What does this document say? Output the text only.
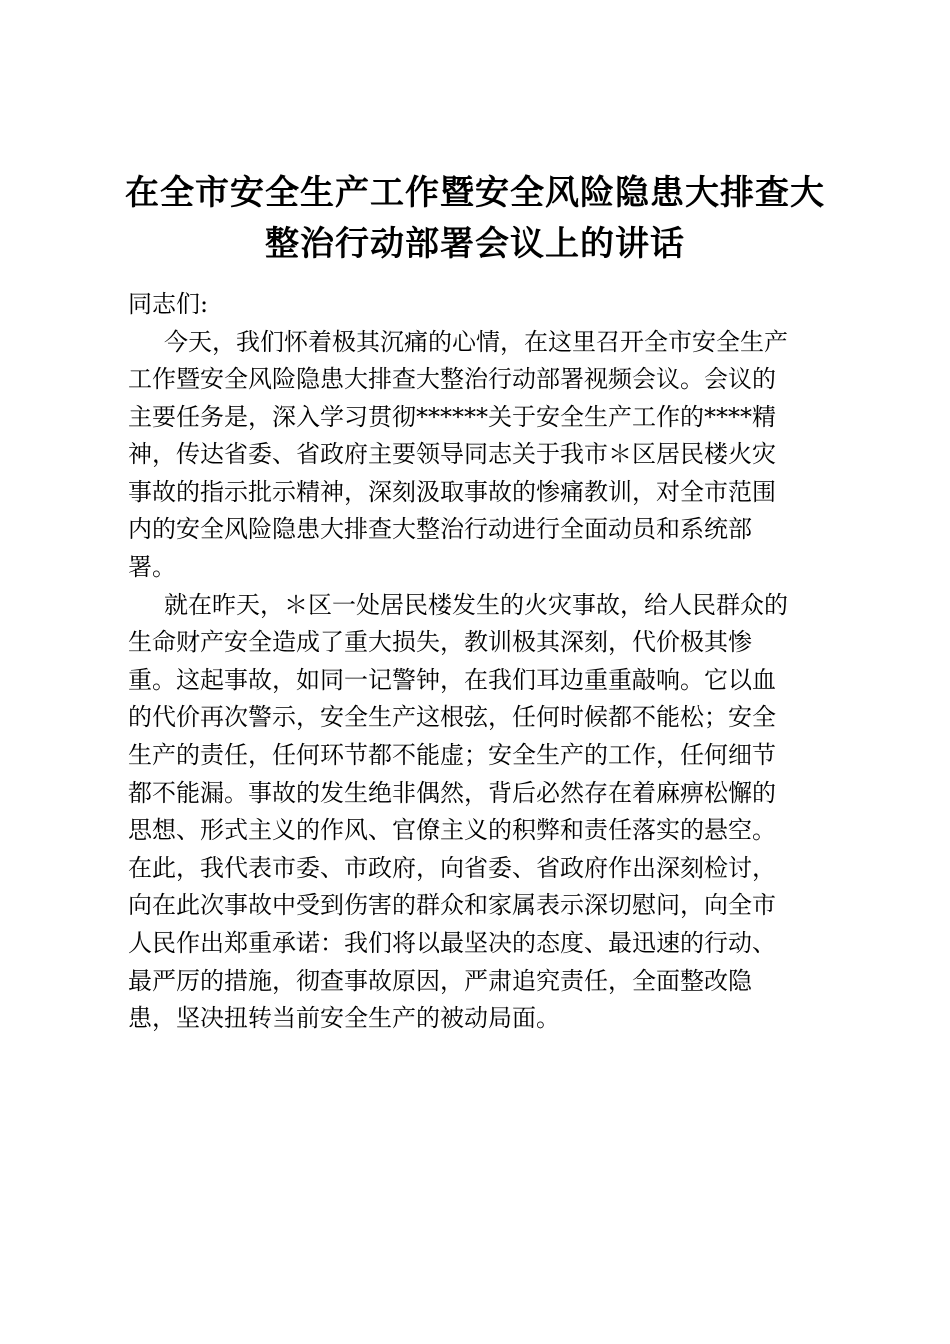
在全市安全生产工作暨安全风险隐患大排查大
整治行动部署会议上的讲话

同志们:

今天，我们怀着极其沉痛的心情，在这里召开全市安全生产
工作暨安全风险隐患大排查大整治行动部署视频会议。会议的
主要任务是，深入学习贯彻******关于安全生产工作的****精
神，传达省委、省政府主要领导同志关于我市＊区居民楼火灾
事故的指示批示精神，深刻汲取事故的惨痛教训，对全市范围
内的安全风险隐患大排查大整治行动进行全面动员和系统部
署。

就在昨天，＊区一处居民楼发生的火灾事故，给人民群众的
生命财产安全造成了重大损失，教训极其深刻，代价极其惨
重。这起事故，如同一记警钟，在我们耳边重重敲响。它以血
的代价再次警示，安全生产这根弦，任何时候都不能松；安全
生产的责任，任何环节都不能虚；安全生产的工作，任何细节
都不能漏。事故的发生绝非偶然，背后必然存在着麻痹松懈的
思想、形式主义的作风、官僚主义的积弊和责任落实的悬空。
在此，我代表市委、市政府，向省委、省政府作出深刻检讨，
向在此次事故中受到伤害的群众和家属表示深切慰问，向全市
人民作出郑重承诺：我们将以最坚决的态度、最迅速的行动、
最严厉的措施，彻查事故原因，严肃追究责任，全面整改隐
患，坚决扭转当前安全生产的被动局面。
